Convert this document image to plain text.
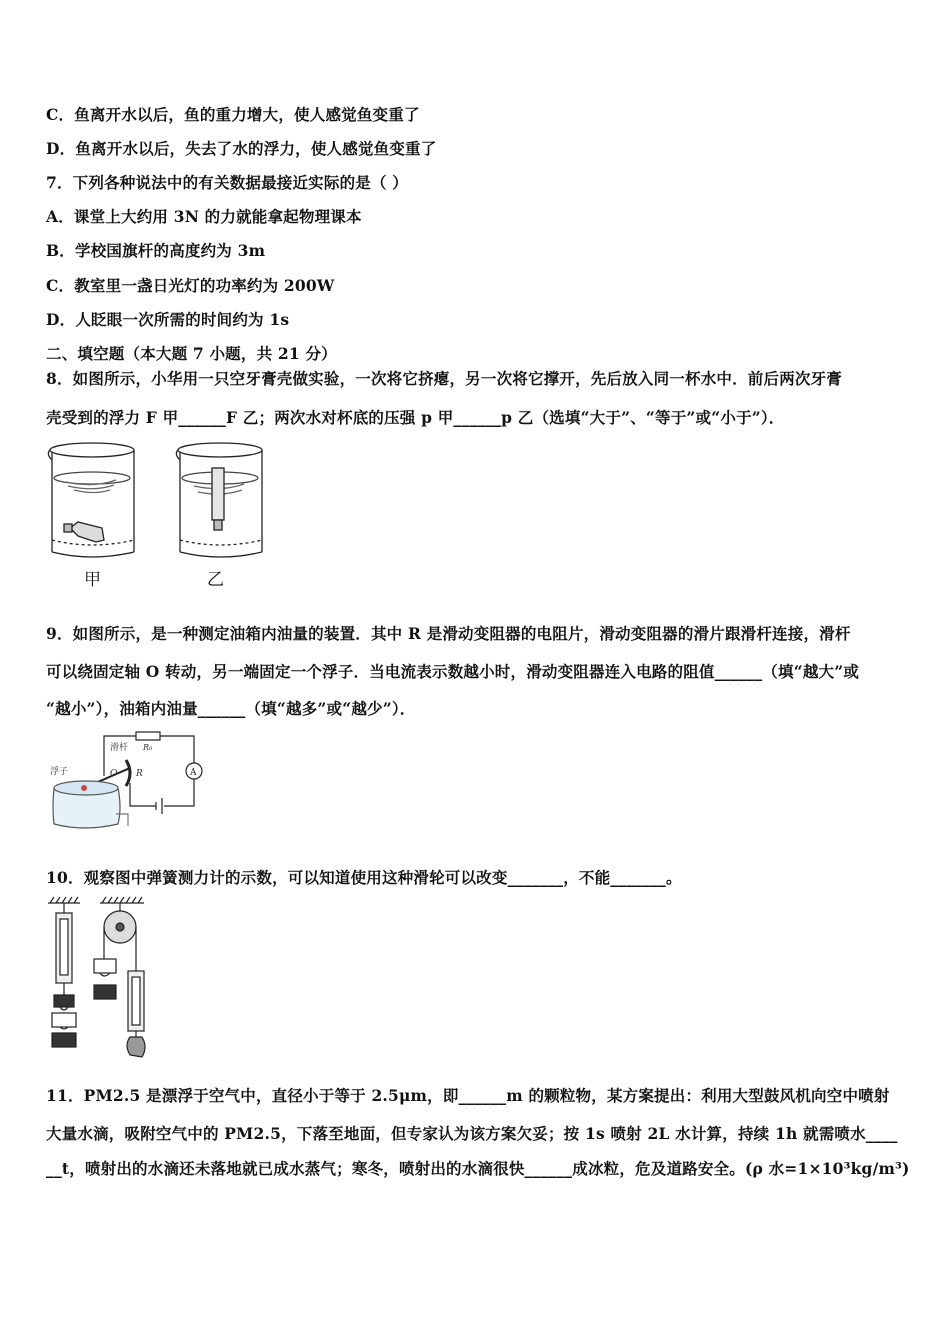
C．鱼离开水以后，鱼的重力增大，使人感觉鱼变重了
D．鱼离开水以后，失去了水的浮力，使人感觉鱼变重了
7．下列各种说法中的有关数据最接近实际的是（ ）
A．课堂上大约用 3N 的力就能拿起物理课本
B．学校国旗杆的高度约为 3m
C．教室里一盏日光灯的功率约为 200W
D．人眨眼一次所需的时间约为 1s
二、填空题（本大题 7 小题，共 21 分）
8．如图所示，小华用一只空牙膏壳做实验，一次将它挤瘪，另一次将它撑开，先后放入同一杯水中．前后两次牙膏
壳受到的浮力 F 甲______F 乙；两次水对杯底的压强 p 甲______p 乙（选填“大于”、“等于”或“小于”）．
甲	乙
9．如图所示，是一种测定油箱内油量的装置．其中 R 是滑动变阻器的电阻片，滑动变阻器的滑片跟滑杆连接，滑杆
可以绕固定轴 O 转动，另一端固定一个浮子．当电流表示数越小时，滑动变阻器连入电路的阻值______（填“越大”或
“越小”），油箱内油量______（填“越多”或“越少”）．
浮子
滑杆
O R
R₀
A
10．观察图中弹簧测力计的示数，可以知道使用这种滑轮可以改变_______，不能_______。
11．PM2.5 是漂浮于空气中，直径小于等于 2.5μm，即______m 的颗粒物，某方案提出：利用大型鼓风机向空中喷射
大量水滴，吸附空气中的 PM2.5，下落至地面，但专家认为该方案欠妥；按 1s 喷射 2L 水计算，持续 1h 就需喷水____
__t，喷射出的水滴还未落地就已成水蒸气；寒冬，喷射出的水滴很快______成冰粒，危及道路安全。(ρ 水=1×10³kg/m³)
